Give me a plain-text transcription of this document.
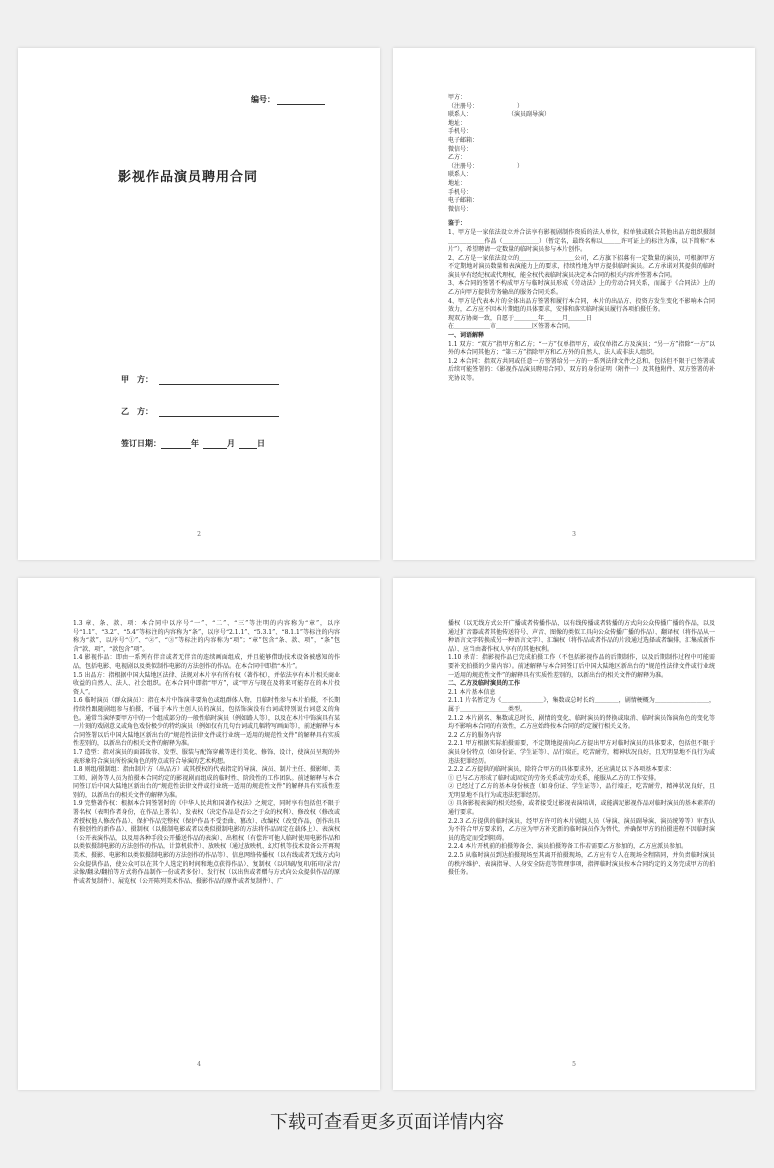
编号：
影视作品演员聘用合同
甲　方：
乙　方：
签订日期：	年	月	日
2
甲方：
（注册号：　　　　　　　）
联系人：　　　　　　　（演员副导演）
地址：
手机号：
电子邮箱：
微信号：
乙方：
（注册号：　　　　　　　）
联系人：
地址：
手机号：
电子邮箱：
微信号：

鉴于：

1、甲方是一家依法设立并合法享有影视剧制作资质的法人单位，拟单独或联合其他出品方组织摄制＿＿＿＿＿＿作品（＿＿＿＿＿＿）（暂定名，最终名称以＿＿＿许可证上的标注为准，以下简称“本片”），希望聘请一定数量的临时演员参与本片创作。

2、乙方是一家依法设立的＿＿＿＿＿＿＿＿＿公司，乙方旗下招募有一定数量的演员，可根据甲方不定期地对演员数量和表演能力上的要求，持续性地为甲方提供临时演员。乙方承诺对其提供的临时演员享有经纪权或代理权，能全权代表临时演员决定本合同的相关内容并签署本合同。

3、本合同的签署不构成甲方与临时演员形成《劳动法》上的劳动合同关系，而属于《合同法》上的乙方向甲方提供劳务输出的服务合同关系。

4、甲方是代表本片的全体出品方签署和履行本合同，本片的出品方、投资方发生变化不影响本合同效力，乙方应不因本片期组的具体要求，安排和落实临时演员履行各项拍摄任务。

现双方协商一致，自愿于＿＿＿＿年＿＿＿月＿＿＿日

在＿＿＿＿＿＿市＿＿＿＿＿＿区签署本合同。

一、词语解释

1.1 双方：“双方”指甲方和乙方；“一方”仅单指甲方，或仅单指乙方及演员；“另一方”指除“一方”以外的本合同其他方；“第三方”指除甲方和乙方外的自然人、法人或非法人组织。

1.2 本合同：指双方共同或任意一方签署给另一方的一系列法律文件之总和，包括但不限于已签署或后续可能签署的：《影视作品演员聘用合同》、双方的身份证明（附件一）及其他附件、双方签署的补充协议等。

3

1.3 章、条、款、项：本合同中以序号“一”、“二”、“三”等注明的内容称为“章”，以序号“1.1”、“3.2”、“5.4”等标注的内容称为“条”，以序号“2.1.1”、“5.3.1”、“8.1.1”等标注的内容称为“款”，以序号“①”、“②”、“③”等标注的内容称为“项”；“章”包含“条、款、项”，“条”包含“款、项”，“款包含”项”。

1.4 影视作品：即由一系列有伴音或者无伴音的连续画面组成，并且能够借助技术设备被感知的作品，包括电影、电视剧以及类似制作电影的方法创作的作品。在本合同中即指“本片”。

1.5 出品方：指根据中国大陆地区法律、法规对本片享有所有权（著作权），并依法享有本片相关商业收益的自然人、法人、社会组织。在本合同中即指“甲方”，或“甲方与现在及将来可能存在的本片投资人”。

1.6 临时演员（群众演员）：指在本片中饰演非要角色或组群体人物，且临时性参与本片拍摄，不长期持续性跟随剧组参与拍摄，不属于本片主创人员的演员，包括饰演没有台词或特别说台词意义的角色。通常当演绎要甲方中的一个组成部分的一般性临时演员（例如路人等），以及在本片中饰演具有某一片刻的戏剧意义或角色戏份极少的特约演员（例如仅有几句台词或几幅特写画面等），前述解释与本合同签署以后中国大陆地区新出台的“规范性法律文件或行业统一适用的规范性文件”的解释具有实质性差别的，以新出台的相关文件的解释为准。

1.7 造型：指对演员的面部妆容、发型、服装与配饰穿戴等进行美化、修饰、设计，使演员呈现的外表形象符合演员所扮演角色的特点或符合导演的艺术构想。

1.8 则组/摄制组：指由制片方（出品方）或其授权的代表指定的导演、演员、制片主任、摄影师、美工师、剧务等人员为拍摄本合同约定的影视剧而组成的临时性、阶段性的工作团队。前述解释与本合同签订后中国大陆地区新出台的“规范性法律文件或行业统一适用的规范性文件”的解释具有实质性差别的，以新出台的相关文件的解释为准。

1.9 完整著作权：根据本合同签署时的《中华人民共和国著作权法》之规定，同时享有包括但不限于署名权（表明作者身份，在作品上署名）、发表权（决定作品是否公之于众的权利）、修改权（修改或者授权他人修改作品）、保护作品完整权（保护作品不受歪曲、篡改）、改编权（改变作品，创作出具有独创性的新作品）、摄制权（以摄制电影或者以类似摄制电影的方法将作品固定在载体上）、表演权（公开表演作品，以及用各种手段公开播送作品的表演）、出租权（有偿许可他人临时使用电影作品和以类似摄制电影的方法创作的作品，计算机软件）、放映权（通过放映机、幻灯机等技术设备公开再现美术、摄影、电影和以类似摄制电影的方法创作的作品等）、信息网络传播权（以有线或者无线方式向公众提供作品，使公众可以在其个人选定的时间和地点获得作品）、复制权（以印刷/复印/拓印/录音/录像/翻录/翻拍等方式将作品制作一份或者多份）、发行权（以出售或者赠与方式向公众提供作品的原件或者复制件）、展览权（公开陈列美术作品、摄影作品的原件或者复制件）、广

4

播权（以无线方式公开广播或者传播作品，以有线传播或者转播的方式向公众传播广播的作品，以及通过扩音器或者其他传送符号、声音、图像的类似工具向公众传播广播的作品）、翻译权（将作品从一种语言文字转换成另一种语言文字）、汇编权（将作品或者作品的片段通过选择或者编排，汇集成新作品）、应当由著作权人享有的其他权利。

1.10 杀青：指影视作品已完成拍摄工作（不包括影视作品的后期制作，以及后期制作过程中可能需要补充拍摄的少量内容）。前述解释与本合同签订后中国大陆地区新出台的“规范性法律文件或行业统一适用的规范性文件”的解释具有实质性差别的，以新出台的相关文件的解释为准。

二、乙方及临时演员的工作

2.1 本片基本信息

2.1.1 片名暂定为《＿＿＿＿＿＿＿》，集数或总时长约＿＿＿＿，剧情梗概为＿＿＿＿＿＿＿＿＿，属于＿＿＿＿＿＿＿＿类型。

2.1.2 本片剧名、集数或总时长、剧情的变化、临时演员的替换或取消、临时演员饰演角色的变化等均不影响本合同的有效性，乙方应始终按本合同的约定履行相关义务。

2.2 乙方的服务内容

2.2.1 甲方根据实际拍摄需要，不定期地提前向乙方提出甲方对临时演员的具体要求，包括但不限于演员身份特点（如身份证、学生证等）、品行端正，吃苦耐劳，精神状况良好，且无明显地不良行为或违法犯罪经历。

2.2.2 乙方提供的临时演员，除符合甲方的具体要求外，还应满足以下各项基本要求：

① 已与乙方形成了临时或固定的劳务关系或劳动关系，能服从乙方的工作安排。

② 已经过了乙方的基本身份核查（如身份证、学生证等），品行端正，吃苦耐劳，精神状况良好，且无明显地不良行为或违法犯罪经历。

③ 具备影视表演的相关经验，或者接受过影视表演培训，或能满足影视作品对临时演员的基本素养的通行要求。

2.2.3 乙方提供的临时演员，经甲方许可的本片剧组人员（导演、演员副导演、演员统筹等）审查认为不符合甲方要求的，乙方应为甲方补充新的临时演员作为替代，并确保甲方的拍摄进程不因临时演员的选定而受到阻碍。

2.2.4 本片开机前的拍摄筹备会、演员拍摄筹备工作若需要乙方参加的，乙方应派员参加。

2.2.5 从临时演员到达拍摄现场至其离开拍摄现场，乙方应有专人在现场全程陪同，并负责临时演员的秩序维护、表演指导、人身安全防范等管理事项，指挥临时演员按本合同约定的义务完成甲方的拍摄任务。

5
下载可查看更多页面详情内容
